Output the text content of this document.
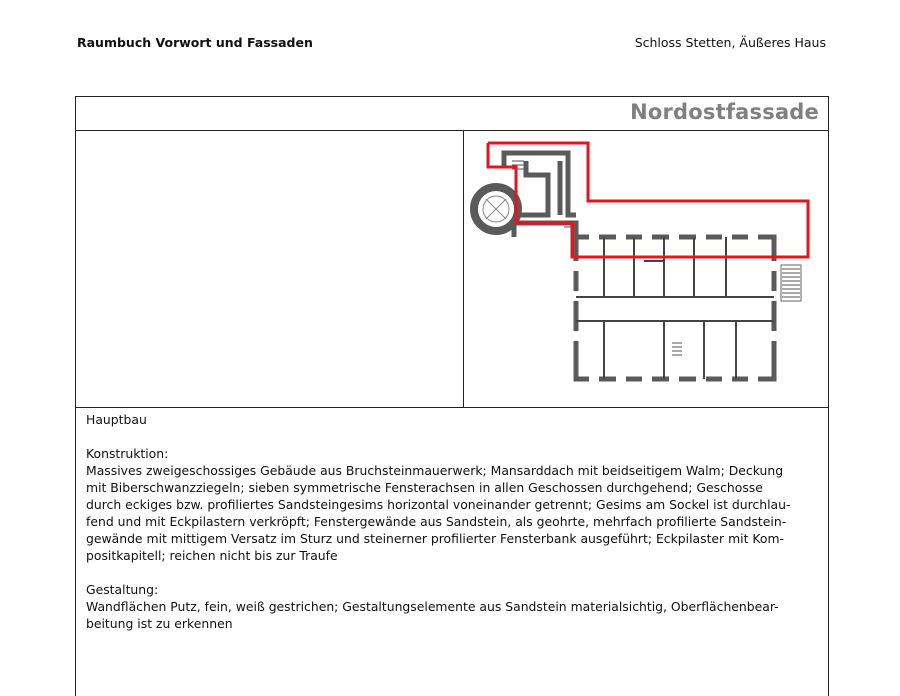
Raumbuch Vorwort und Fassaden	Schloss Stetten, Äußeres Haus
Nordostfassade

Hauptbau

Konstruktion:

Massives zweigeschossiges Gebäude aus Bruchsteinmauerwerk; Mansarddach mit beidseitigem Walm; Deckung

mit Biberschwanzziegeln; sieben symmetrische Fensterachsen in allen Geschossen durchgehend; Geschosse

durch eckiges bzw. profiliertes Sandsteingesims horizontal voneinander getrennt; Gesims am Sockel ist durchlau-

fend und mit Eckpilastern verkröpft; Fenstergewände aus Sandstein, als geohrte, mehrfach profilierte Sandstein-

gewände mit mittigem Versatz im Sturz und steinerner profilierter Fensterbank ausgeführt; Eckpilaster mit Kom-

positkapitell; reichen nicht bis zur Traufe

Gestaltung:

Wandflächen Putz, fein, weiß gestrichen; Gestaltungselemente aus Sandstein materialsichtig, Oberflächenbear-

beitung ist zu erkennen
